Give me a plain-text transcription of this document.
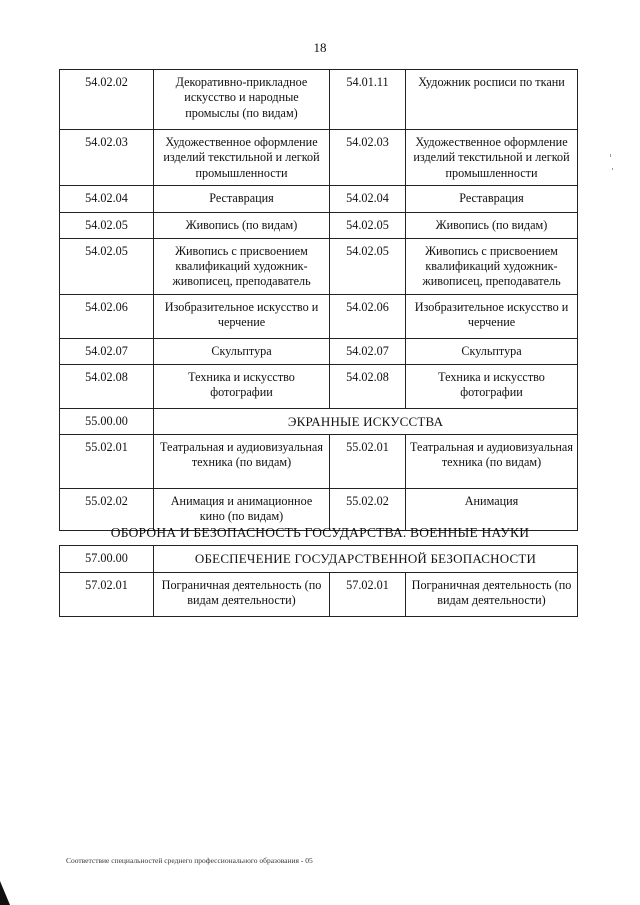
18
54.02.02	Декоративно-прикладное искусство и народные промыслы (по видам)	54.01.11	Художник росписи по ткани
54.02.03	Художественное оформление изделий текстильной и легкой промышленности	54.02.03	Художественное оформление изделий текстильной и легкой промышленности
54.02.04	Реставрация	54.02.04	Реставрация
54.02.05	Живопись (по видам)	54.02.05	Живопись (по видам)
54.02.05	Живопись с присвоением квалификаций художник-живописец, преподаватель	54.02.05	Живопись с присвоением квалификаций художник-живописец, преподаватель
54.02.06	Изобразительное искусство и черчение	54.02.06	Изобразительное искусство и черчение
54.02.07	Скульптура	54.02.07	Скульптура
54.02.08	Техника и искусство фотографии	54.02.08	Техника и искусство фотографии
55.00.00	ЭКРАННЫЕ ИСКУССТВА		
55.02.01	Театральная и аудиовизуальная техника (по видам)	55.02.01	Театральная и аудиовизуальная техника (по видам)
55.02.02	Анимация и анимационное кино (по видам)	55.02.02	Анимация
ОБОРОНА И БЕЗОПАСНОСТЬ ГОСУДАРСТВА. ВОЕННЫЕ НАУКИ
57.00.00	ОБЕСПЕЧЕНИЕ ГОСУДАРСТВЕННОЙ БЕЗОПАСНОСТИ		
57.02.01	Пограничная деятельность (по видам деятельности)	57.02.01	Пограничная деятельность (по видам деятельности)
Соответствие специальностей среднего профессионального образования - 05
